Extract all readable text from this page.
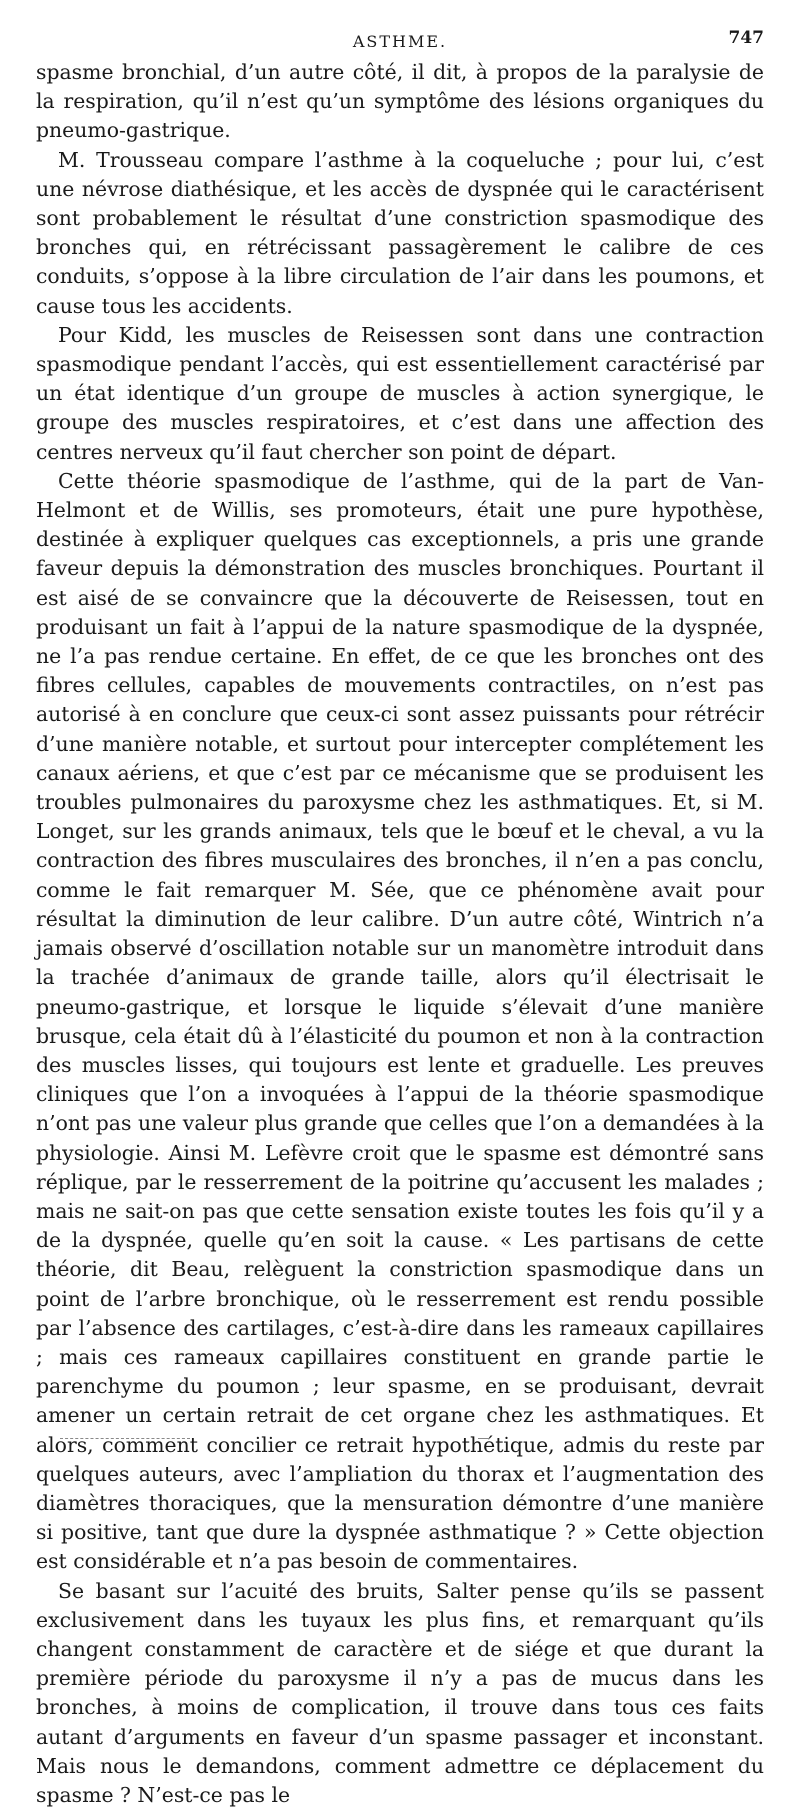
ASTHME.	747

spasme bronchial, d’un autre côté, il dit, à propos de la paralysie de la respiration, qu’il n’est qu’un symptôme des lésions organiques du pneumo-gastrique.

M. Trousseau compare l’asthme à la coqueluche ; pour lui, c’est une névrose diathésique, et les accès de dyspnée qui le caractérisent sont probablement le résultat d’une constriction spasmodique des bronches qui, en rétrécissant passagèrement le calibre de ces conduits, s’oppose à la libre circulation de l’air dans les poumons, et cause tous les accidents.

Pour Kidd, les muscles de Reisessen sont dans une contraction spasmodique pendant l’accès, qui est essentiellement caractérisé par un état identique d’un groupe de muscles à action synergique, le groupe des muscles respiratoires, et c’est dans une affection des centres nerveux qu’il faut chercher son point de départ.

Cette théorie spasmodique de l’asthme, qui de la part de Van-Helmont et de Willis, ses promoteurs, était une pure hypothèse, destinée à expliquer quelques cas exceptionnels, a pris une grande faveur depuis la démonstration des muscles bronchiques. Pourtant il est aisé de se convaincre que la découverte de Reisessen, tout en produisant un fait à l’appui de la nature spasmodique de la dyspnée, ne l’a pas rendue certaine. En effet, de ce que les bronches ont des fibres cellules, capables de mouvements contractiles, on n’est pas autorisé à en conclure que ceux-ci sont assez puissants pour rétrécir d’une manière notable, et surtout pour intercepter complétement les canaux aériens, et que c’est par ce mécanisme que se produisent les troubles pulmonaires du paroxysme chez les asthmatiques. Et, si M. Longet, sur les grands animaux, tels que le bœuf et le cheval, a vu la contraction des fibres musculaires des bronches, il n’en a pas conclu, comme le fait remarquer M. Sée, que ce phénomène avait pour résultat la diminution de leur calibre. D’un autre côté, Wintrich n’a jamais observé d’oscillation notable sur un manomètre introduit dans la trachée d’animaux de grande taille, alors qu’il électrisait le pneumo-gastrique, et lorsque le liquide s’élevait d’une manière brusque, cela était dû à l’élasticité du poumon et non à la contraction des muscles lisses, qui toujours est lente et graduelle. Les preuves cliniques que l’on a invoquées à l’appui de la théorie spasmodique n’ont pas une valeur plus grande que celles que l’on a demandées à la physiologie. Ainsi M. Lefèvre croit que le spasme est démontré sans réplique, par le resserrement de la poitrine qu’accusent les malades ; mais ne sait-on pas que cette sensation existe toutes les fois qu’il y a de la dyspnée, quelle qu’en soit la cause. « Les partisans de cette théorie, dit Beau, relèguent la constriction spasmodique dans un point de l’arbre bronchique, où le resserrement est rendu possible par l’absence des cartilages, c’est-à-dire dans les rameaux capillaires ; mais ces rameaux capillaires constituent en grande partie le parenchyme du poumon ; leur spasme, en se produisant, devrait amener un certain retrait de cet organe chez les asthmatiques. Et alors, comment concilier ce retrait hypothétique, admis du reste par quelques auteurs, avec l’ampliation du thorax et l’augmentation des diamètres thoraciques, que la mensuration démontre d’une manière si positive, tant que dure la dyspnée asthmatique ? » Cette objection est considérable et n’a pas besoin de commentaires.

Se basant sur l’acuité des bruits, Salter pense qu’ils se passent exclusivement dans les tuyaux les plus fins, et remarquant qu’ils changent constamment de caractère et de siége et que durant la première période du paroxysme il n’y a pas de mucus dans les bronches, à moins de complication, il trouve dans tous ces faits autant d’arguments en faveur d’un spasme passager et inconstant. Mais nous le demandons, comment admettre ce déplacement du spasme ? N’est-ce pas le
